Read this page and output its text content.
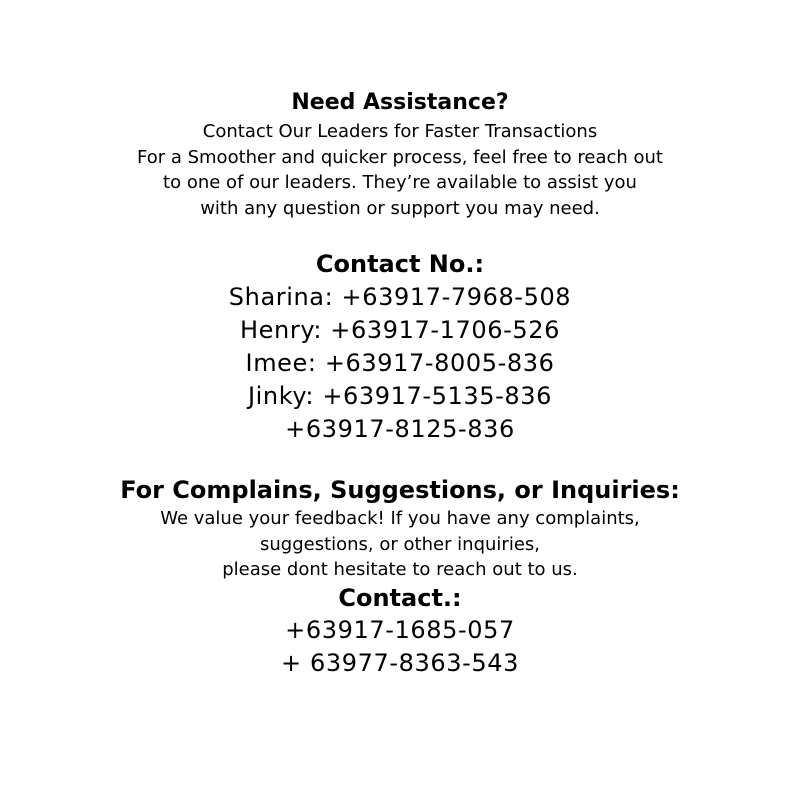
Need Assistance?
Contact Our Leaders for Faster Transactions
For a Smoother and quicker process, feel free to reach out
to one of our leaders. They’re available to assist you
with any question or support you may need.
Contact No.:
Sharina: +63917-7968-508
Henry: +63917-1706-526
Imee: +63917-8005-836
Jinky: +63917-5135-836
+63917-8125-836
For Complains, Suggestions, or Inquiries:
We value your feedback! If you have any complaints,
suggestions, or other inquiries,
please dont hesitate to reach out to us.
Contact.:
+63917-1685-057
+ 63977-8363-543
